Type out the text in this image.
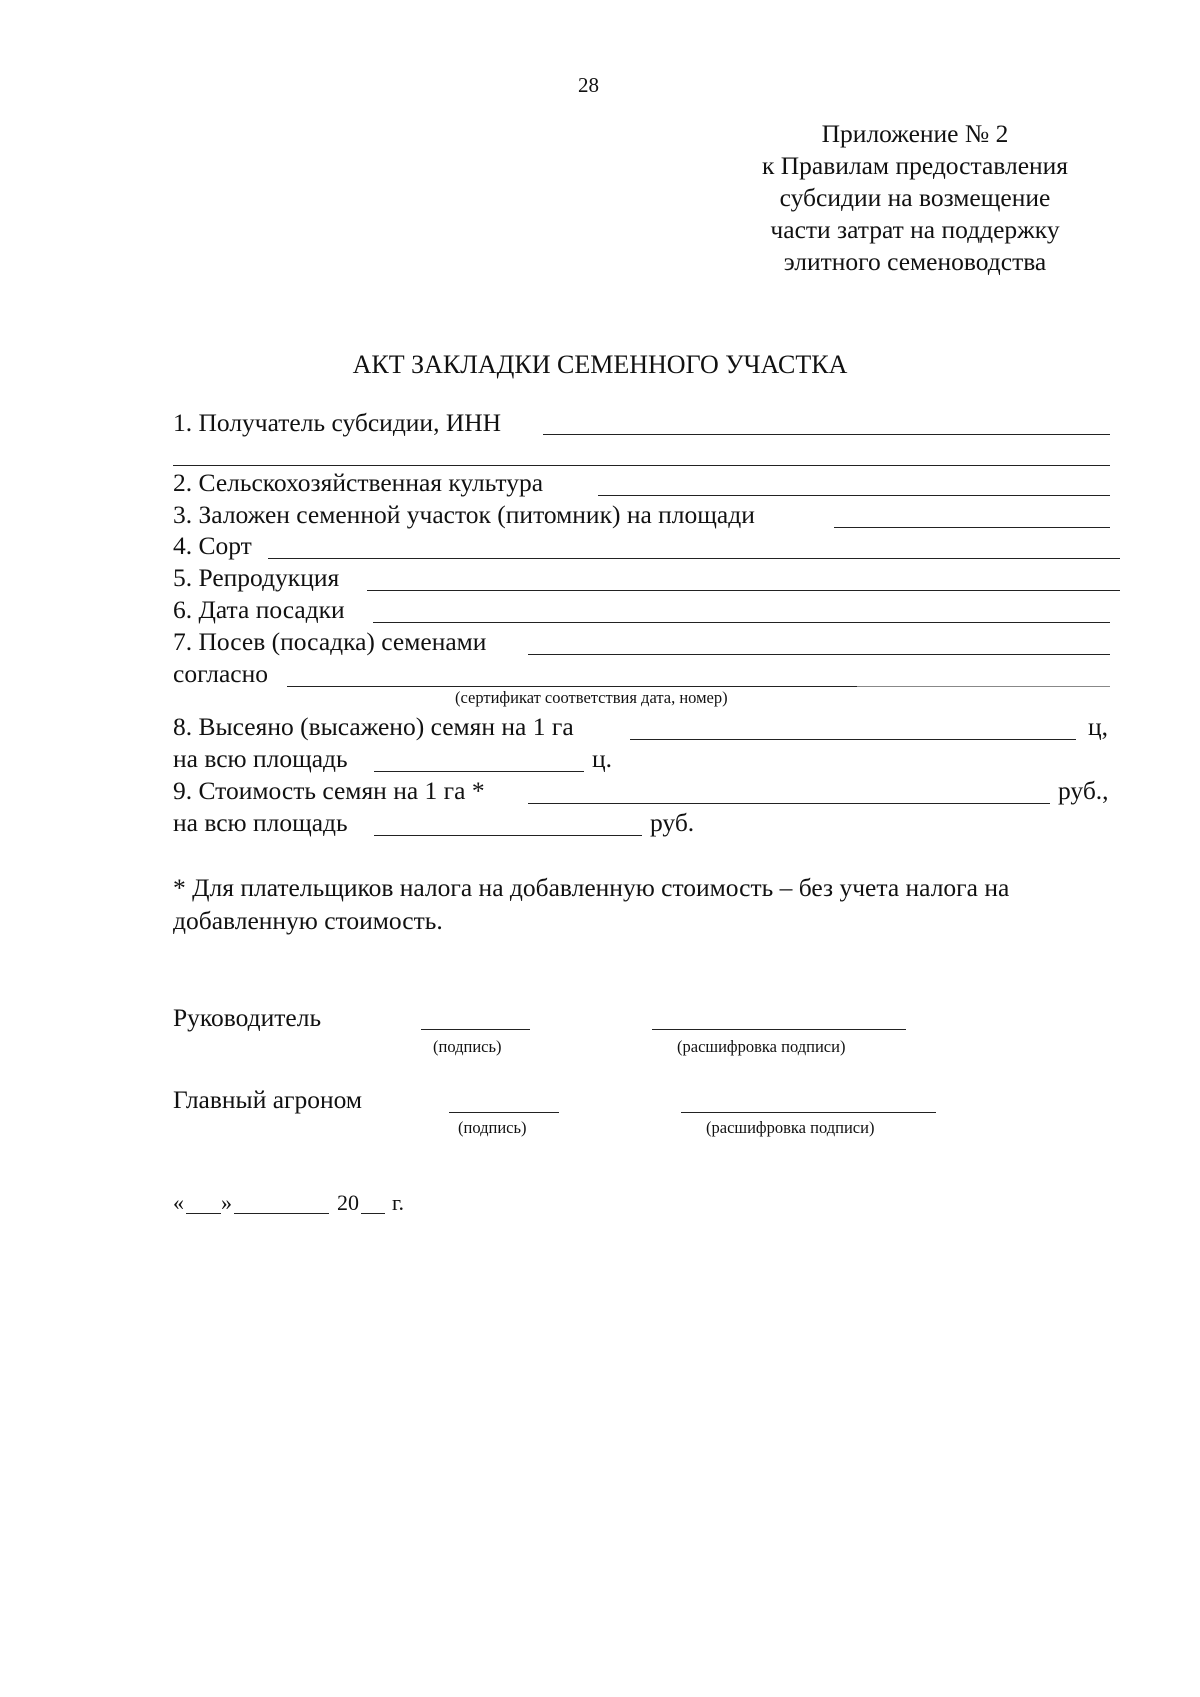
28
Приложение № 2
к Правилам предоставления
субсидии на возмещение
части затрат на поддержку
элитного семеноводства
АКТ ЗАКЛАДКИ СЕМЕННОГО УЧАСТКА
1. Получатель субсидии, ИНН
2. Сельскохозяйственная культура
3. Заложен семенной участок (питомник) на площади
4. Сорт
5. Репродукция
6. Дата посадки
7. Посев (посадка) семенами
согласно
(сертификат соответствия дата, номер)
8. Высеяно (высажено) семян на 1 га	ц,
на всю площадь	ц.
9. Стоимость семян на 1 га *	руб.,
на всю площадь	руб.
* Для плательщиков налога на добавленную стоимость – без учета налога на добавленную стоимость.
Руководитель
(подпись)	(расшифровка подписи)
Главный агроном
(подпись)	(расшифровка подписи)
« »	20 г.
